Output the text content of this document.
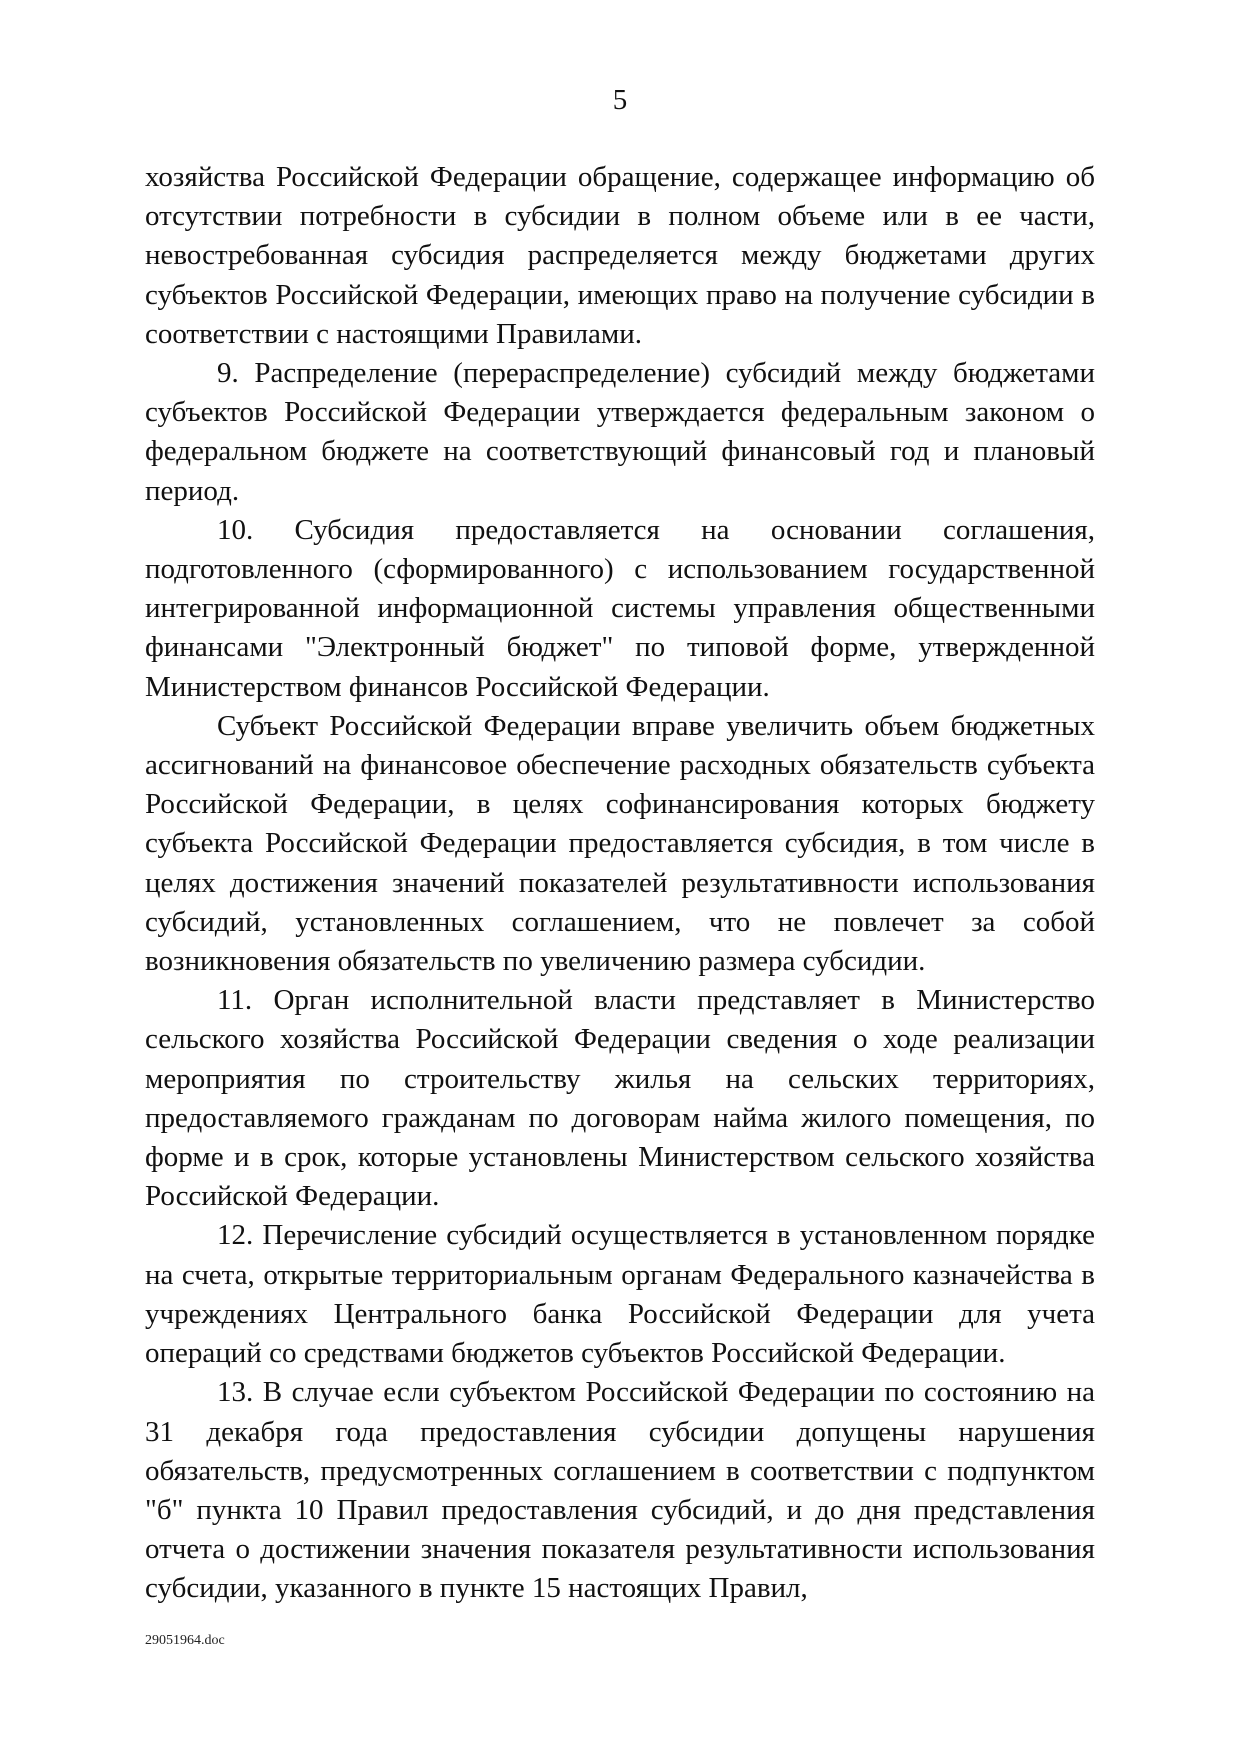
5

хозяйства Российской Федерации обращение, содержащее информацию об отсутствии потребности в субсидии в полном объеме или в ее части, невостребованная субсидия распределяется между бюджетами других субъектов Российской Федерации, имеющих право на получение субсидии в соответствии с настоящими Правилами.

9. Распределение (перераспределение) субсидий между бюджетами субъектов Российской Федерации утверждается федеральным законом о федеральном бюджете на соответствующий финансовый год и плановый период.

10. Субсидия предоставляется на основании соглашения, подготовленного (сформированного) с использованием государственной интегрированной информационной системы управления общественными финансами "Электронный бюджет" по типовой форме, утвержденной Министерством финансов Российской Федерации.

Субъект Российской Федерации вправе увеличить объем бюджетных ассигнований на финансовое обеспечение расходных обязательств субъекта Российской Федерации, в целях софинансирования которых бюджету субъекта Российской Федерации предоставляется субсидия, в том числе в целях достижения значений показателей результативности использования субсидий, установленных соглашением, что не повлечет за собой возникновения обязательств по увеличению размера субсидии.

11. Орган исполнительной власти представляет в Министерство сельского хозяйства Российской Федерации сведения о ходе реализации мероприятия по строительству жилья на сельских территориях, предоставляемого гражданам по договорам найма жилого помещения, по форме и в срок, которые установлены Министерством сельского хозяйства Российской Федерации.

12. Перечисление субсидий осуществляется в установленном порядке на счета, открытые территориальным органам Федерального казначейства в учреждениях Центрального банка Российской Федерации для учета операций со средствами бюджетов субъектов Российской Федерации.

13. В случае если субъектом Российской Федерации по состоянию на 31 декабря года предоставления субсидии допущены нарушения обязательств, предусмотренных соглашением в соответствии с подпунктом "б" пункта 10 Правил предоставления субсидий, и до дня представления отчета о достижении значения показателя результативности использования субсидии, указанного в пункте 15 настоящих Правил,

29051964.doc
